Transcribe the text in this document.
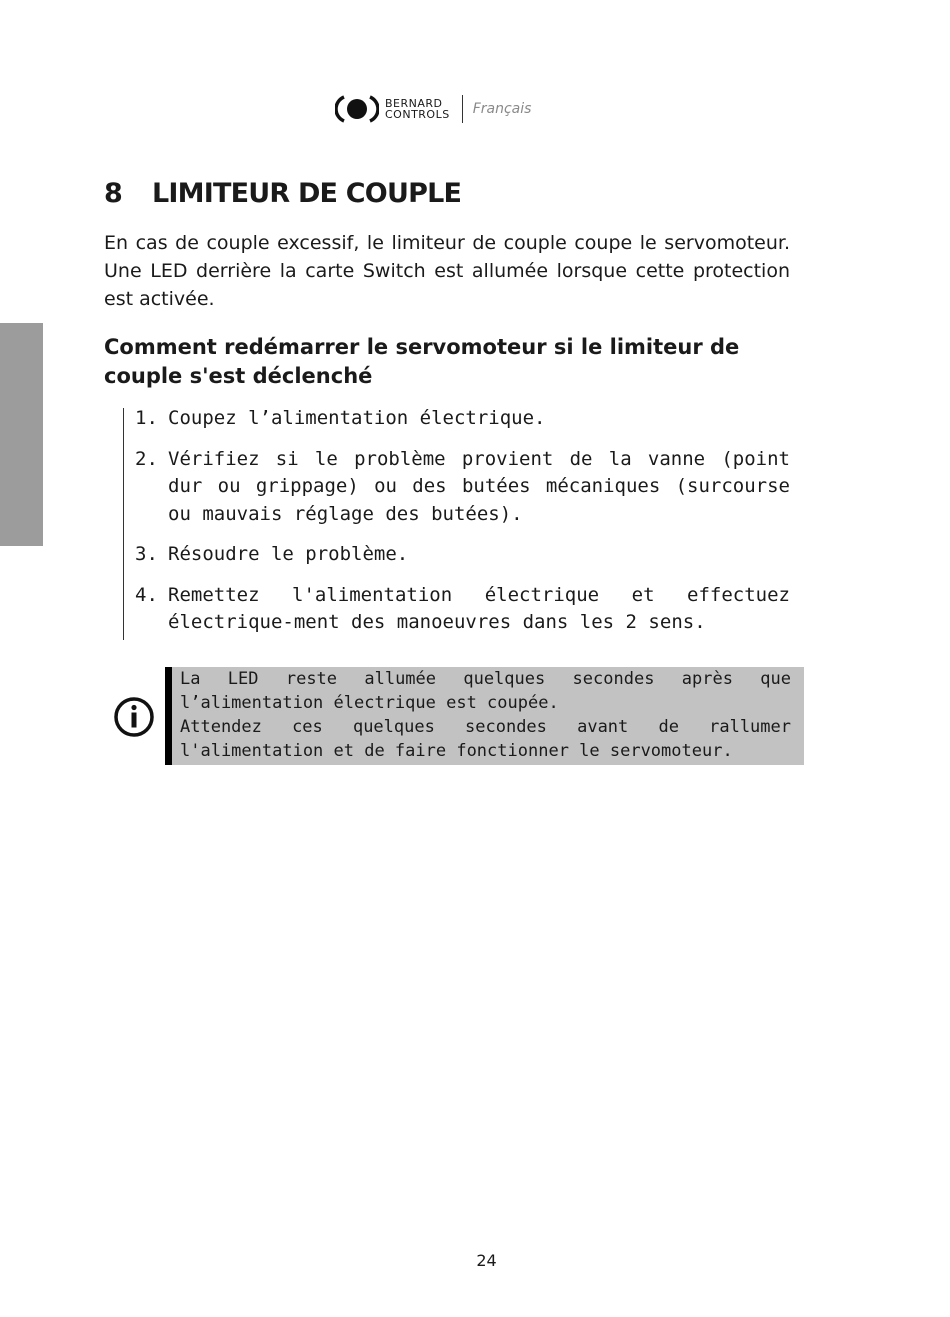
BERNARD
CONTROLS Français
8 LIMITEUR DE COUPLE

En cas de couple excessif, le limiteur de couple coupe le servomoteur. Une LED derrière la carte Switch est allumée lorsque cette protection est activée.

Comment redémarrer le servomoteur si le limiteur de couple s'est déclenché
1. Coupez l’alimentation électrique.
2. Vérifiez si le problème provient de la vanne (point dur ou grippage) ou des butées mécaniques (surcourse ou mauvais réglage des butées).
3. Résoudre le problème.
4. Remettez l'alimentation électrique et effectuez électrique-ment des manoeuvres dans les 2 sens.

La LED reste allumée quelques secondes après que l’alimentation électrique est coupée.

Attendez ces quelques secondes avant de rallumer l'alimentation et de faire fonctionner le servomoteur.

24
